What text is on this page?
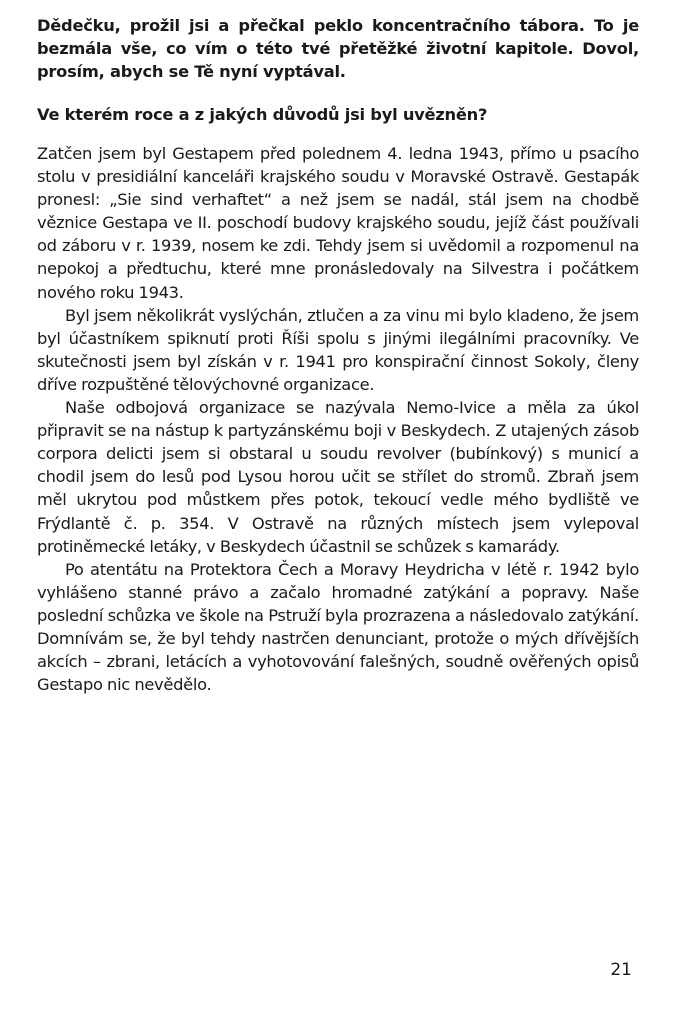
Dědečku, prožil jsi a přečkal peklo koncentračního tábora. To je bezmála vše, co vím o této tvé přetěžké životní kapitole. Dovol, prosím, abych se Tě nyní vyptával.

Ve kterém roce a z jakých důvodů jsi byl uvězněn?

Zatčen jsem byl Gestapem před polednem 4. ledna 1943, přímo u psacího stolu v presidiální kanceláři krajského soudu v Moravské Ostravě. Gestapák pronesl: „Sie sind verhaftet“ a než jsem se nadál, stál jsem na chodbě věznice Gestapa ve II. poschodí budovy krajského soudu, jejíž část používali od záboru v r. 1939, nosem ke zdi. Tehdy jsem si uvědomil a rozpomenul na nepokoj a předtuchu, které mne pronásledovaly na Silvestra i počátkem nového roku 1943.

Byl jsem několikrát vyslýchán, ztlučen a za vinu mi bylo kladeno, že jsem byl účastníkem spiknutí proti Říši spolu s jinými ilegálními pracovníky. Ve skutečnosti jsem byl získán v r. 1941 pro konspirační činnost Sokoly, členy dříve rozpuštěné tělovýchovné organizace.

Naše odbojová organizace se nazývala Nemo-Ivice a měla za úkol připravit se na nástup k partyzánskému boji v Beskydech. Z utajených zásob corpora delicti jsem si obstaral u soudu revolver (bubínkový) s municí a chodil jsem do lesů pod Lysou horou učit se střílet do stromů. Zbraň jsem měl ukrytou pod můstkem přes potok, tekoucí vedle mého bydliště ve Frýdlantě č. p. 354. V Ostravě na různých místech jsem vylepoval protiněmecké letáky, v Beskydech účastnil se schůzek s kamarády.

Po atentátu na Protektora Čech a Moravy Heydricha v létě r. 1942 bylo vyhlášeno stanné právo a začalo hromadné zatýkání a popravy. Naše poslední schůzka ve škole na Pstruží byla prozrazena a následovalo zatýkání. Domnívám se, že byl tehdy nastrčen denunciant, protože o mých dřívějších akcích – zbrani, letácích a vyhotovování falešných, soudně ověřených opisů Gestapo nic nevědělo.

21
